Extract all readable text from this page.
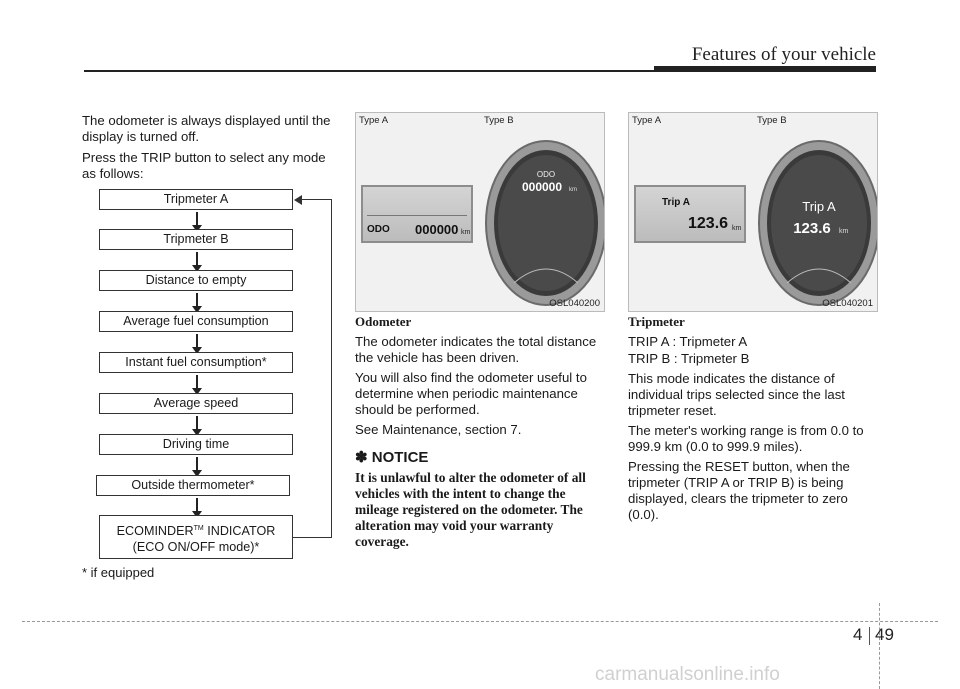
Features of your vehicle

The odometer is always displayed until the display is turned off.

Press the TRIP button to select any mode as follows:

Tripmeter A
Tripmeter B
Distance to empty
Average fuel consumption
Instant fuel consumption*
Average speed
Driving time
Outside thermometer*
ECOMINDER™ INDICATOR
(ECO ON/OFF mode)*
* if equipped
Type A	Type B
ODO 000000 km
ODO
000000 km
OSL040200
Type A	Type B
Trip A
123.6 km
Trip A
123.6 km
OSL040201

Odometer

The odometer indicates the total distance the vehicle has been driven.

You will also find the odometer useful to determine when periodic maintenance should be performed.

See Maintenance, section 7.

✽ NOTICE

It is unlawful to alter the odometer of all vehicles with the intent to change the mileage registered on the odometer. The alteration may void your warranty coverage.

Tripmeter

TRIP A : Tripmeter A

TRIP B : Tripmeter B

This mode indicates the distance of individual trips selected since the last tripmeter reset.

The meter's working range is from 0.0 to 999.9 km (0.0 to 999.9 miles).

Pressing the RESET button, when the tripmeter (TRIP A or TRIP B) is being displayed, clears the tripmeter to zero (0.0).

4 49
carmanualsonline.info
